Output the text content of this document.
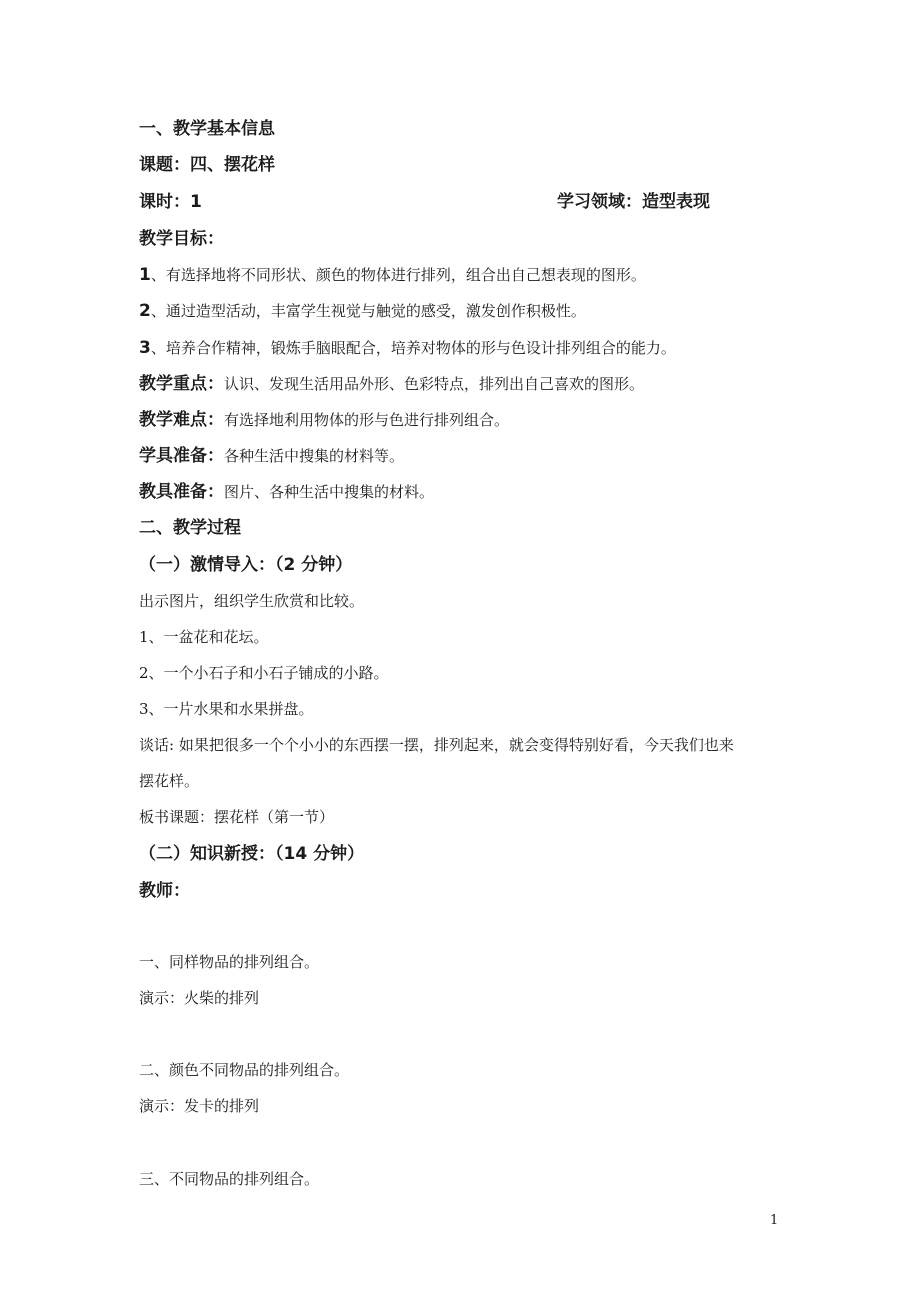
一、教学基本信息
课题：四、摆花样
课时：1	学习领域：造型表现
教学目标：
1、有选择地将不同形状、颜色的物体进行排列，组合出自己想表现的图形。
2、通过造型活动，丰富学生视觉与触觉的感受，激发创作积极性。
3、培养合作精神，锻炼手脑眼配合，培养对物体的形与色设计排列组合的能力。
教学重点：认识、发现生活用品外形、色彩特点，排列出自己喜欢的图形。
教学难点：有选择地利用物体的形与色进行排列组合。
学具准备：各种生活中搜集的材料等。
教具准备：图片、各种生活中搜集的材料。
二、教学过程
（一）激情导入：（2 分钟）
出示图片，组织学生欣赏和比较。
1、一盆花和花坛。
2、一个小石子和小石子铺成的小路。
3、一片水果和水果拼盘。
谈话: 如果把很多一个个小小的东西摆一摆，排列起来，就会变得特别好看，今天我们也来
摆花样。
板书课题：摆花样（第一节）
（二）知识新授：（14 分钟）
教师：
一、同样物品的排列组合。
演示：火柴的排列
二、颜色不同物品的排列组合。
演示：发卡的排列
三、不同物品的排列组合。
1
